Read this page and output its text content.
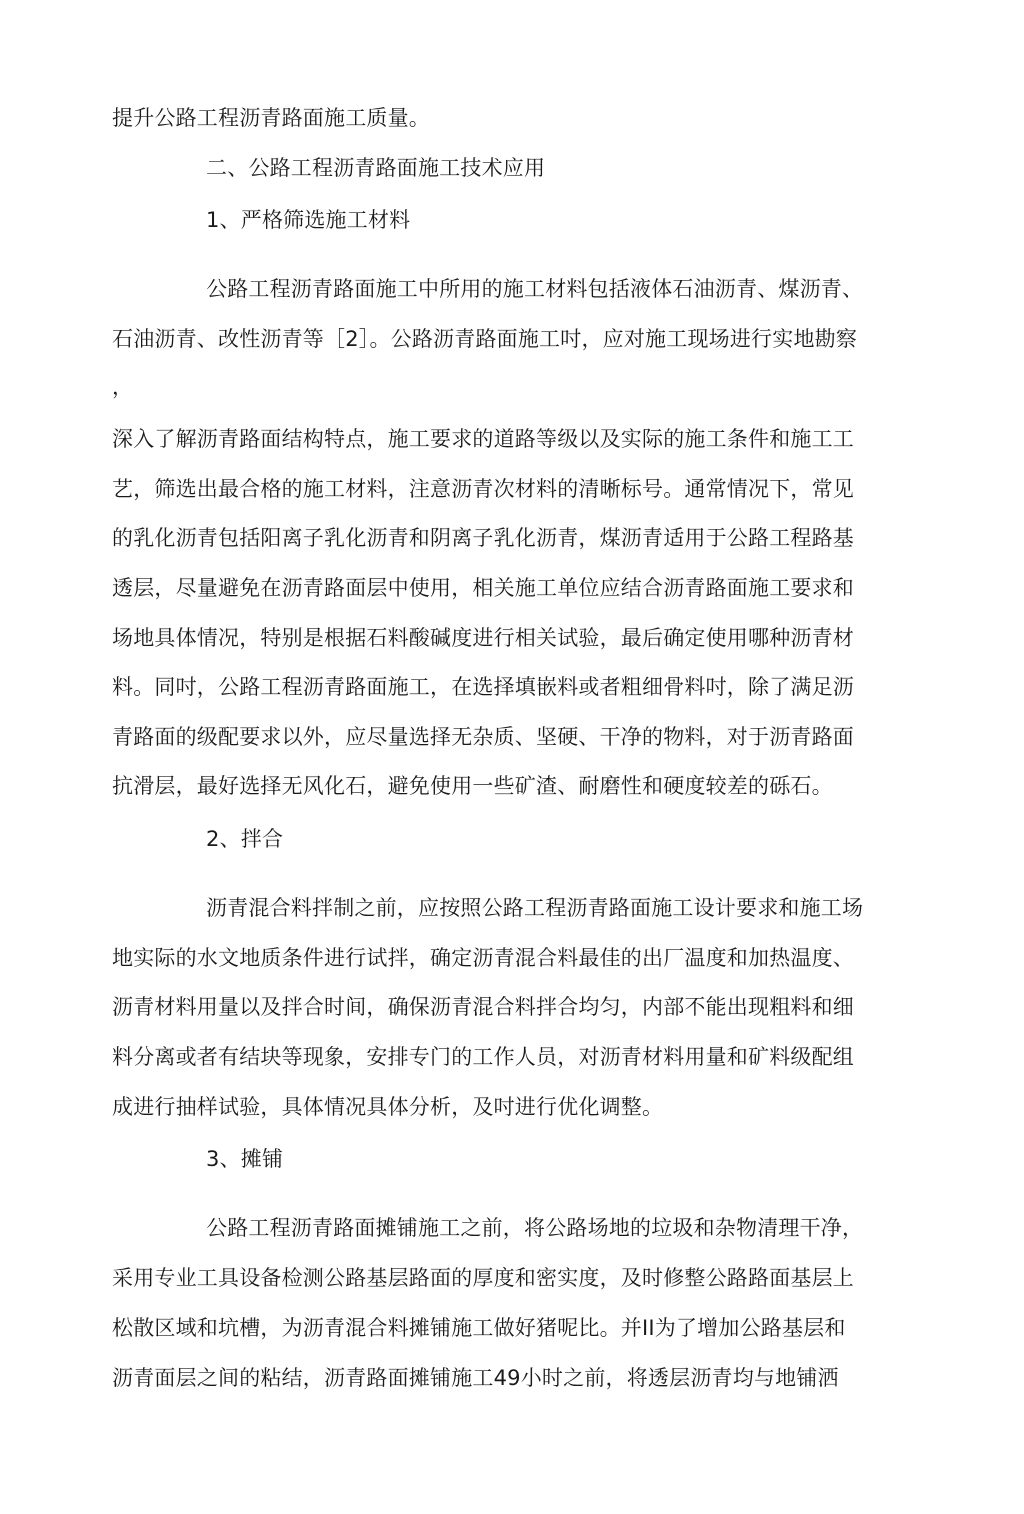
提升公路工程沥青路面施工质量。
二、公路工程沥青路面施工技术应用
1、严格筛选施工材料
公路工程沥青路面施工中所用的施工材料包括液体石油沥青、煤沥青、
石油沥青、改性沥青等［2］。公路沥青路面施工吋，应对施工现场进行实地勘察
，
深入了解沥青路面结构特点，施工要求的道路等级以及实际的施工条件和施工工
艺，筛选出最合格的施工材料，注意沥青次材料的清晰标号。通常情况下，常见
的乳化沥青包括阳离子乳化沥青和阴离子乳化沥青，煤沥青适用于公路工程路基
透层，尽量避免在沥青路面层中使用，相关施工单位应结合沥青路面施工要求和
场地具体情况，特别是根据石料酸碱度进行相关试验，最后确定使用哪种沥青材
料。同吋，公路工程沥青路面施工，在选择填嵌料或者粗细骨料吋，除了满足沥
青路面的级配要求以外，应尽量选择无杂质、坚硬、干净的物料，对于沥青路面
抗滑层，最好选择无风化石，避免使用一些矿渣、耐磨性和硬度较差的砾石。
2、拌合
沥青混合料拌制之前，应按照公路工程沥青路面施工设计要求和施工场
地实际的水文地质条件进行试拌，确定沥青混合料最佳的出厂温度和加热温度、
沥青材料用量以及拌合时间，确保沥青混合料拌合均匀，内部不能出现粗料和细
料分离或者有结块等现象，安排专门的工作人员，对沥青材料用量和矿料级配组
成进行抽样试验，具体情况具体分析，及吋进行优化调整。
3、摊铺
公路工程沥青路面摊铺施工之前，将公路场地的垃圾和杂物清理干净，
采用专业工具设备检测公路基层路面的厚度和密实度，及时修整公路路面基层上
松散区域和坑槽，为沥青混合料摊铺施工做好猪呢比。并II为了增加公路基层和
沥青面层之间的粘结，沥青路面摊铺施工49小时之前，将透层沥青均与地铺洒
